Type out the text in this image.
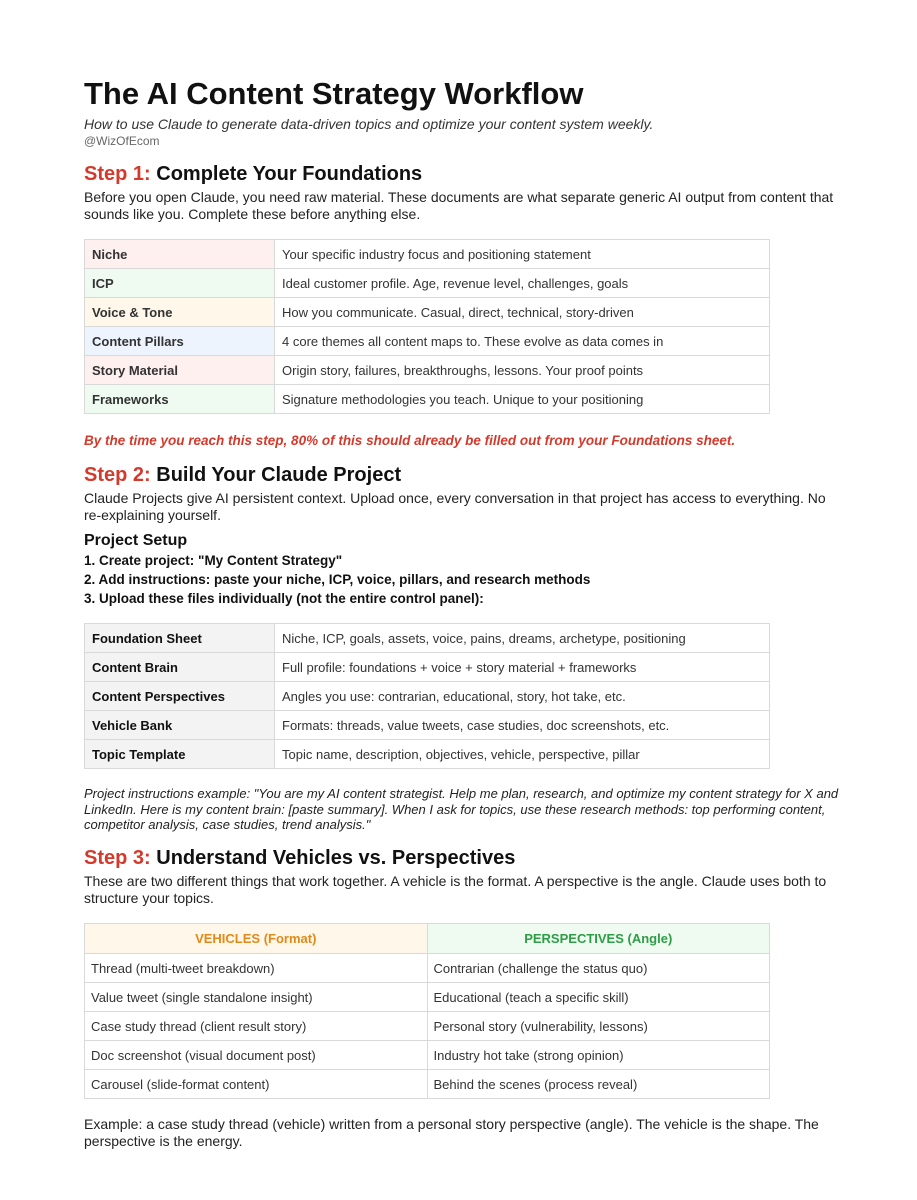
The AI Content Strategy Workflow
How to use Claude to generate data-driven topics and optimize your content system weekly.
@WizOfEcom
Step 1: Complete Your Foundations
Before you open Claude, you need raw material. These documents are what separate generic AI output from content that sounds like you. Complete these before anything else.
Niche	Your specific industry focus and positioning statement
ICP	Ideal customer profile. Age, revenue level, challenges, goals
Voice & Tone	How you communicate. Casual, direct, technical, story-driven
Content Pillars	4 core themes all content maps to. These evolve as data comes in
Story Material	Origin story, failures, breakthroughs, lessons. Your proof points
Frameworks	Signature methodologies you teach. Unique to your positioning
By the time you reach this step, 80% of this should already be filled out from your Foundations sheet.
Step 2: Build Your Claude Project
Claude Projects give AI persistent context. Upload once, every conversation in that project has access to everything. No re-explaining yourself.
Project Setup
1. Create project: "My Content Strategy"
2. Add instructions: paste your niche, ICP, voice, pillars, and research methods
3. Upload these files individually (not the entire control panel):
Foundation Sheet	Niche, ICP, goals, assets, voice, pains, dreams, archetype, positioning
Content Brain	Full profile: foundations + voice + story material + frameworks
Content Perspectives	Angles you use: contrarian, educational, story, hot take, etc.
Vehicle Bank	Formats: threads, value tweets, case studies, doc screenshots, etc.
Topic Template	Topic name, description, objectives, vehicle, perspective, pillar
Project instructions example: "You are my AI content strategist. Help me plan, research, and optimize my content strategy for X and LinkedIn. Here is my content brain: [paste summary]. When I ask for topics, use these research methods: top performing content, competitor analysis, case studies, trend analysis."
Step 3: Understand Vehicles vs. Perspectives
These are two different things that work together. A vehicle is the format. A perspective is the angle. Claude uses both to structure your topics.
VEHICLES (Format)	PERSPECTIVES (Angle)
Thread (multi-tweet breakdown)	Contrarian (challenge the status quo)
Value tweet (single standalone insight)	Educational (teach a specific skill)
Case study thread (client result story)	Personal story (vulnerability, lessons)
Doc screenshot (visual document post)	Industry hot take (strong opinion)
Carousel (slide-format content)	Behind the scenes (process reveal)
Example: a case study thread (vehicle) written from a personal story perspective (angle). The vehicle is the shape. The perspective is the energy.
